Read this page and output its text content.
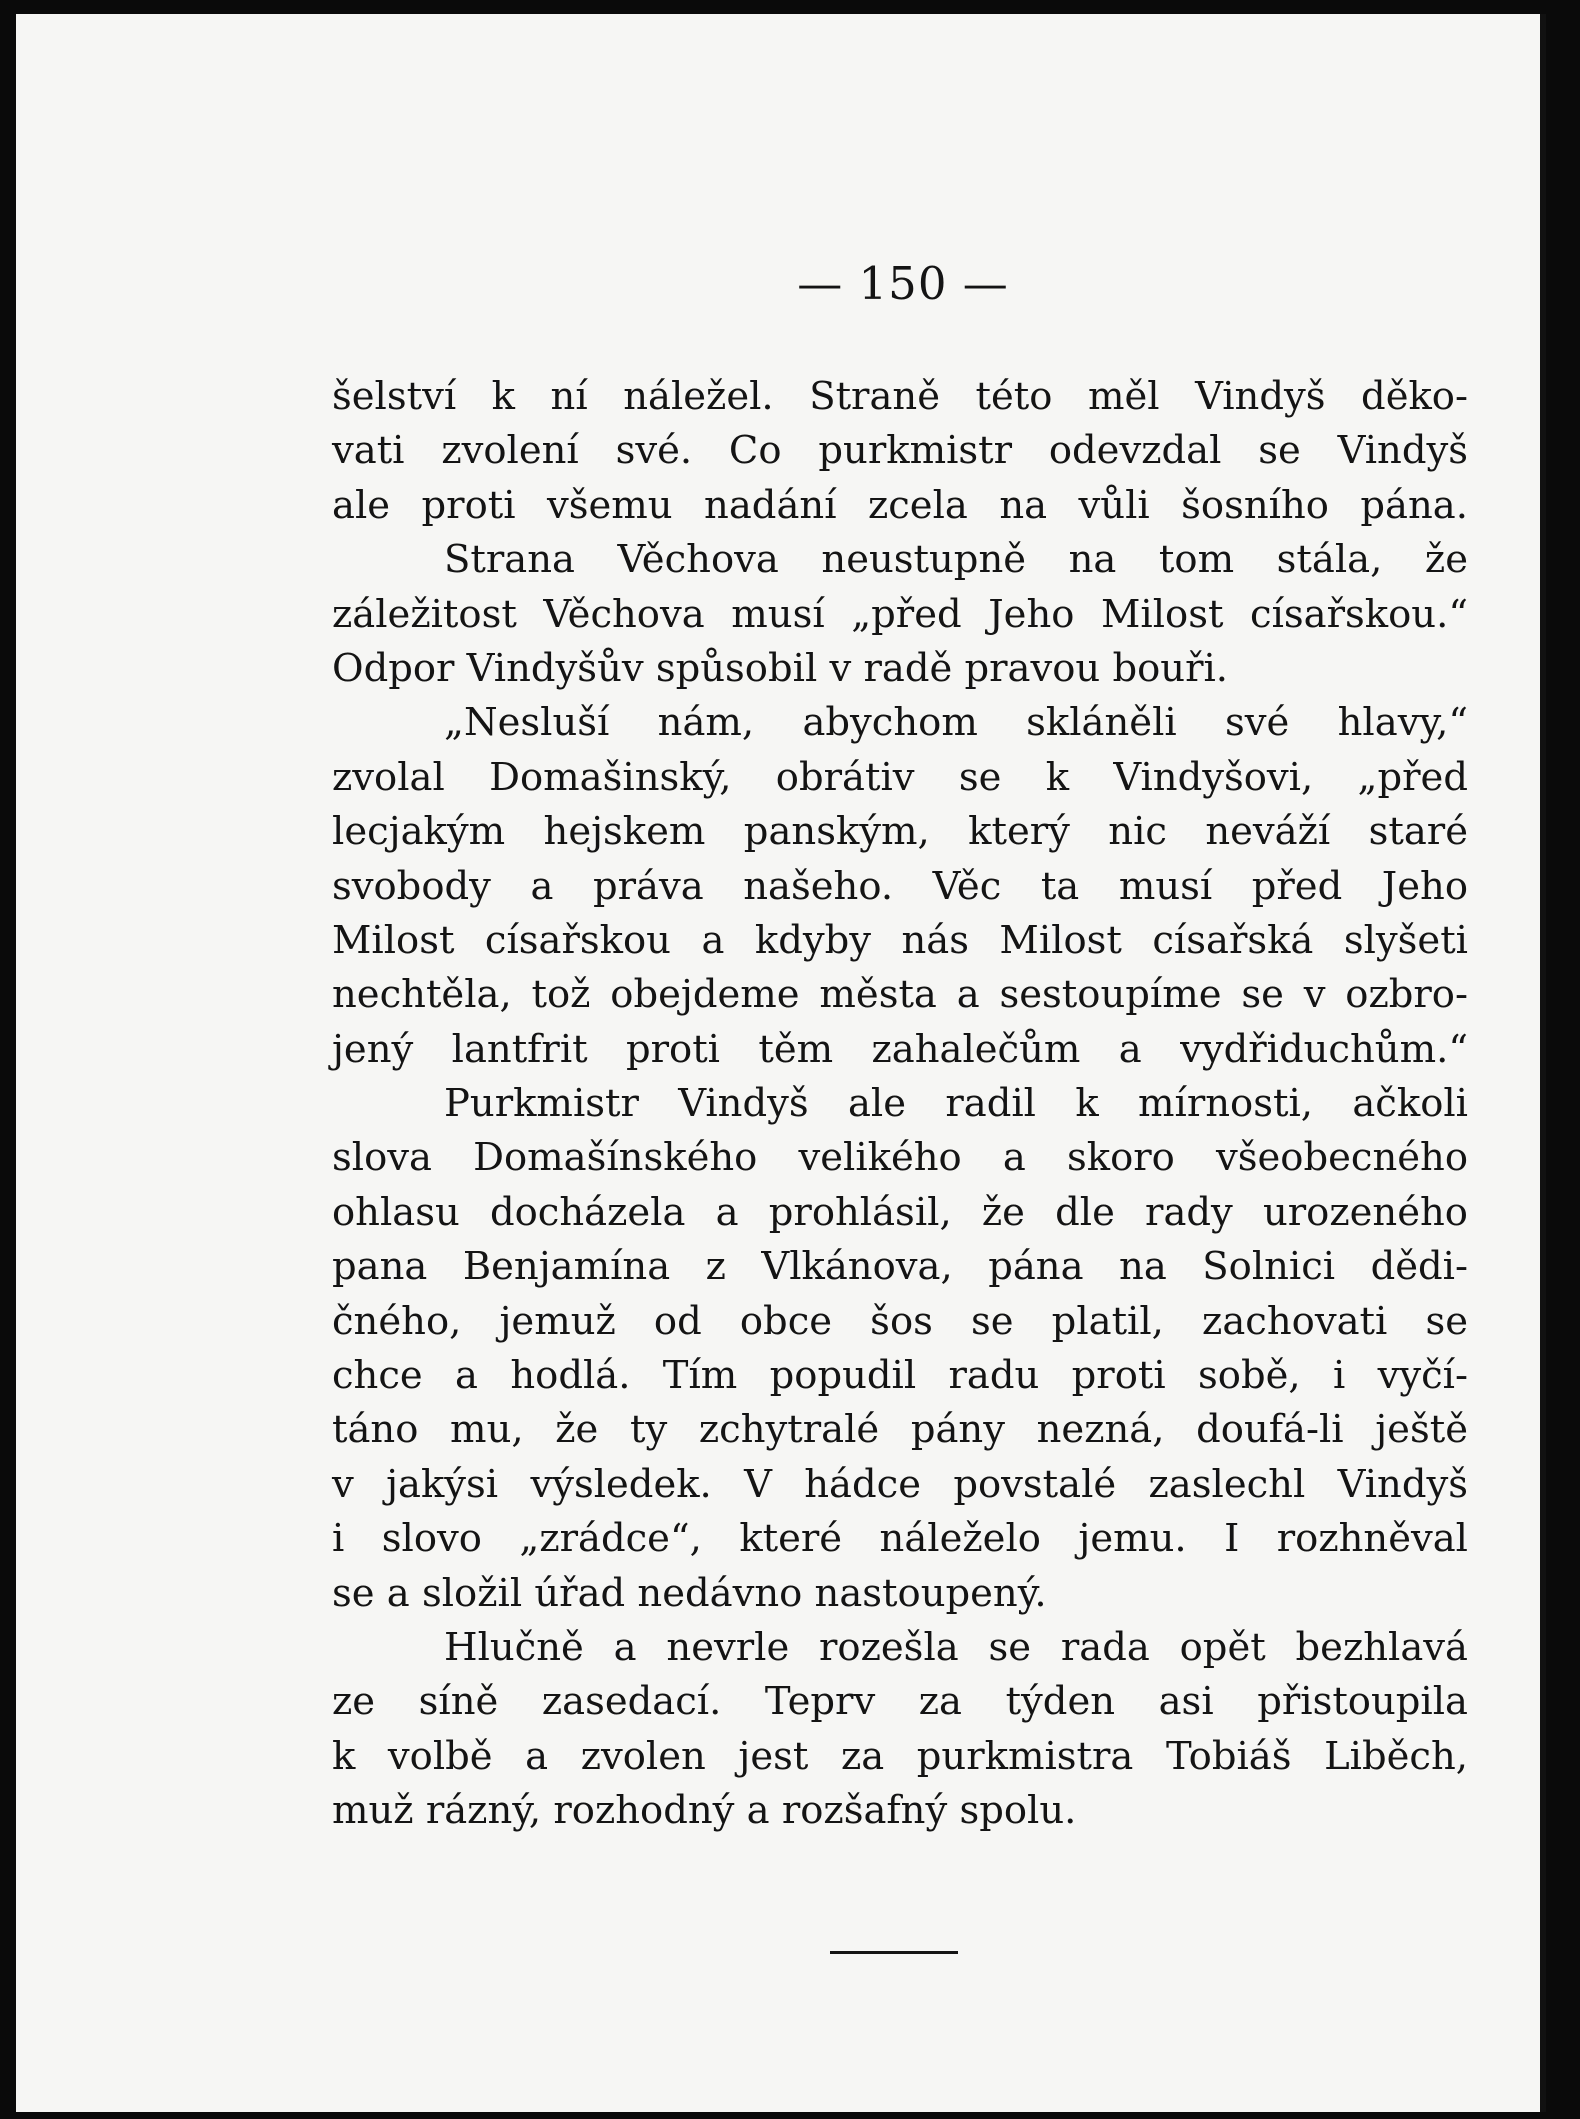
— 150 —
šelství k ní náležel. Straně této měl Vindyš děko-
vati zvolení své. Co purkmistr odevzdal se Vindyš
ale proti všemu nadání zcela na vůli šosního pána.
Strana Věchova neustupně na tom stála, že
záležitost Věchova musí „před Jeho Milost císařskou.“
Odpor Vindyšův spůsobil v radě pravou bouři.
„Nesluší nám, abychom skláněli své hlavy,“
zvolal Domašinský, obrátiv se k Vindyšovi, „před
lecjakým hejskem panským, který nic neváží staré
svobody a práva našeho. Věc ta musí před Jeho
Milost císařskou a kdyby nás Milost císařská slyšeti
nechtěla, tož obejdeme města a sestoupíme se v ozbro-
jený lantfrit proti těm zahalečům a vydřiduchům.“
Purkmistr Vindyš ale radil k mírnosti, ačkoli
slova Domašínského velikého a skoro všeobecného
ohlasu docházela a prohlásil, že dle rady urozeného
pana Benjamína z Vlkánova, pána na Solnici dědi-
čného, jemuž od obce šos se platil, zachovati se
chce a hodlá. Tím popudil radu proti sobě, i vyčí-
táno mu, že ty zchytralé pány nezná, doufá-li ještě
v jakýsi výsledek. V hádce povstalé zaslechl Vindyš
i slovo „zrádce“, které náleželo jemu. I rozhněval
se a složil úřad nedávno nastoupený.
Hlučně a nevrle rozešla se rada opět bezhlavá
ze síně zasedací. Teprv za týden asi přistoupila
k volbě a zvolen jest za purkmistra Tobiáš Liběch,
muž rázný, rozhodný a rozšafný spolu.
